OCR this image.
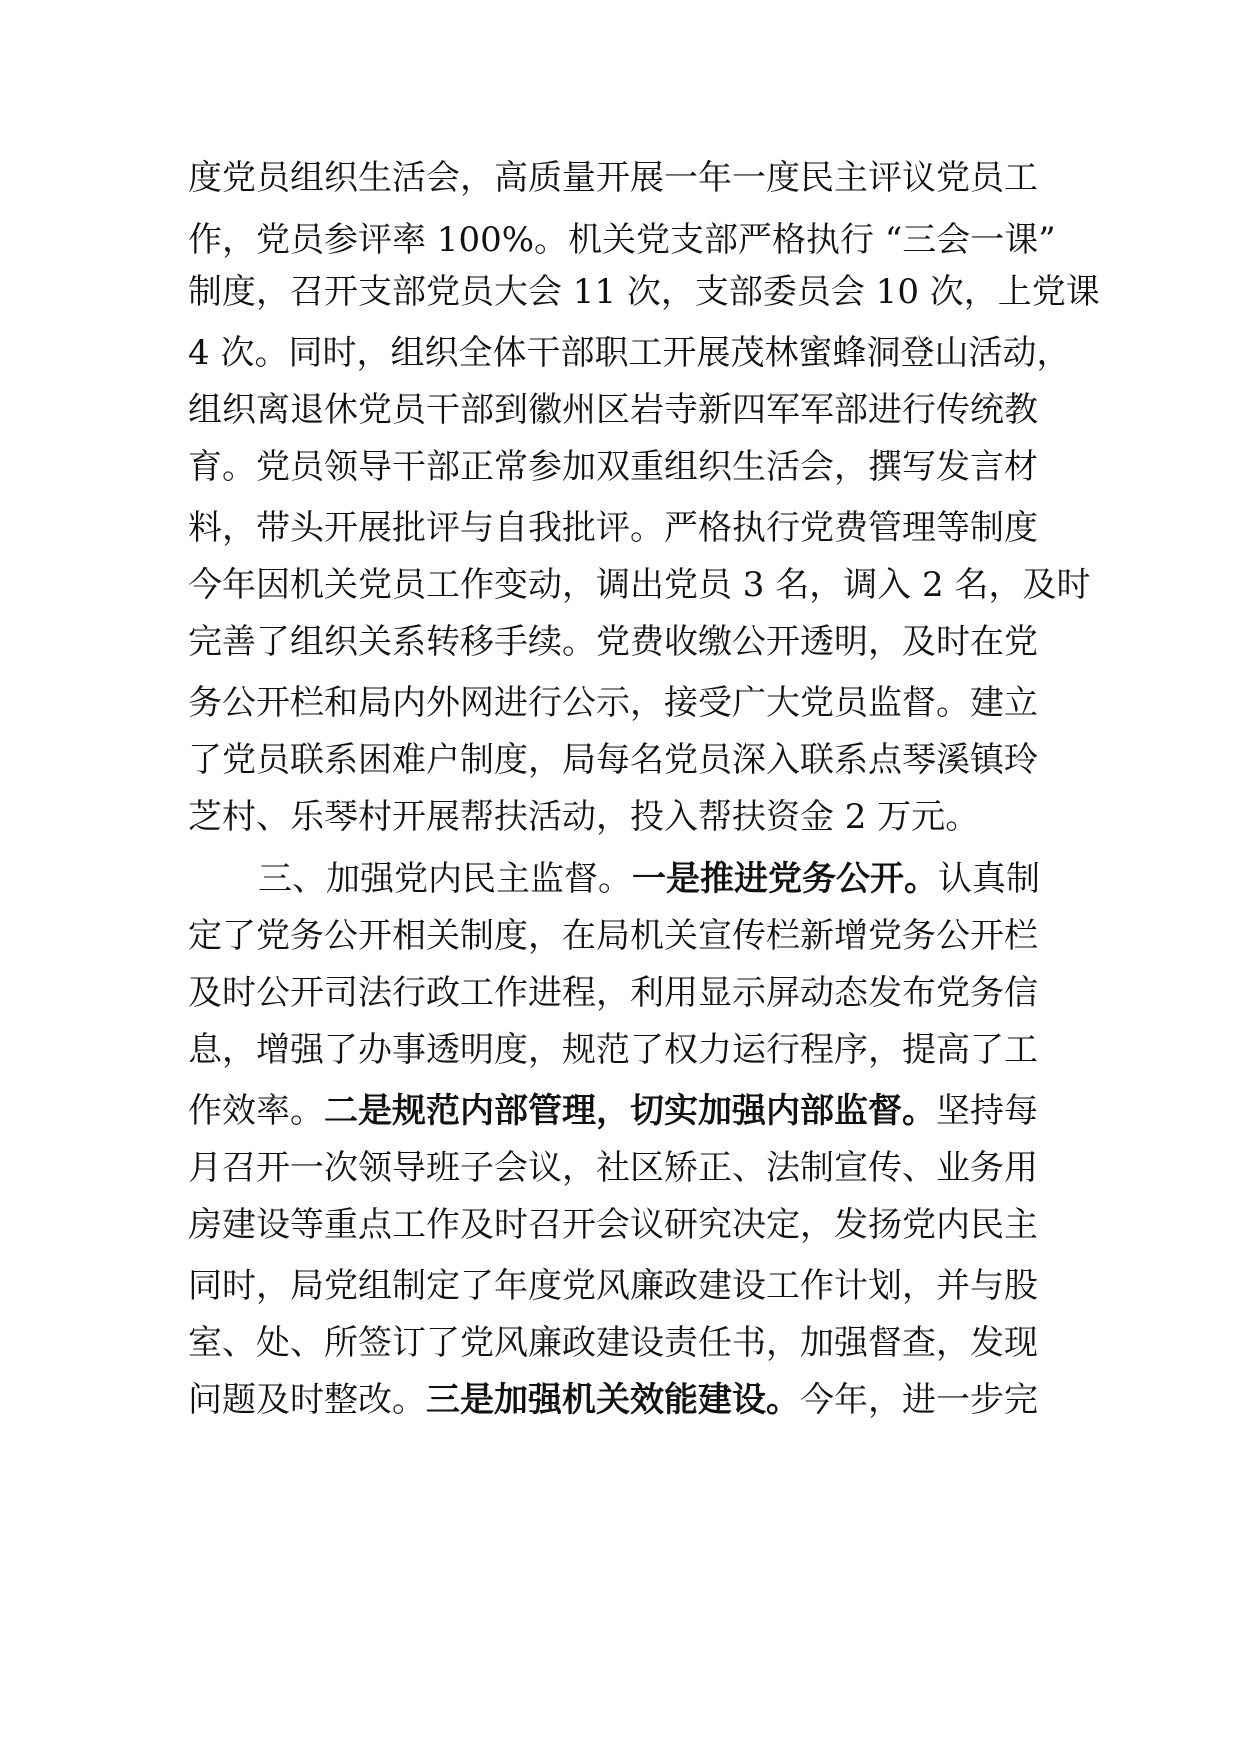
度党员组织生活会，高质量开展一年一度民主评议党员工
作，党员参评率 100%。机关党支部严格执行 “三会一课”
制度，召开支部党员大会 11 次，支部委员会 10 次，上党课
4 次。同时，组织全体干部职工开展茂林蜜蜂洞登山活动，
组织离退休党员干部到徽州区岩寺新四军军部进行传统教
育。党员领导干部正常参加双重组织生活会，撰写发言材
料，带头开展批评与自我批评。严格执行党费管理等制度
今年因机关党员工作变动，调出党员 3 名，调入 2 名，及时
完善了组织关系转移手续。党费收缴公开透明，及时在党
务公开栏和局内外网进行公示，接受广大党员监督。建立
了党员联系困难户制度，局每名党员深入联系点琴溪镇玲
芝村、乐琴村开展帮扶活动，投入帮扶资金 2 万元。
三、加强党内民主监督。一是推进党务公开。认真制
定了党务公开相关制度，在局机关宣传栏新增党务公开栏
及时公开司法行政工作进程，利用显示屏动态发布党务信
息，增强了办事透明度，规范了权力运行程序，提高了工
作效率。二是规范内部管理，切实加强内部监督。坚持每
月召开一次领导班子会议，社区矫正、法制宣传、业务用
房建设等重点工作及时召开会议研究决定，发扬党内民主
同时，局党组制定了年度党风廉政建设工作计划，并与股
室、处、所签订了党风廉政建设责任书，加强督查，发现
问题及时整改。三是加强机关效能建设。今年，进一步完
